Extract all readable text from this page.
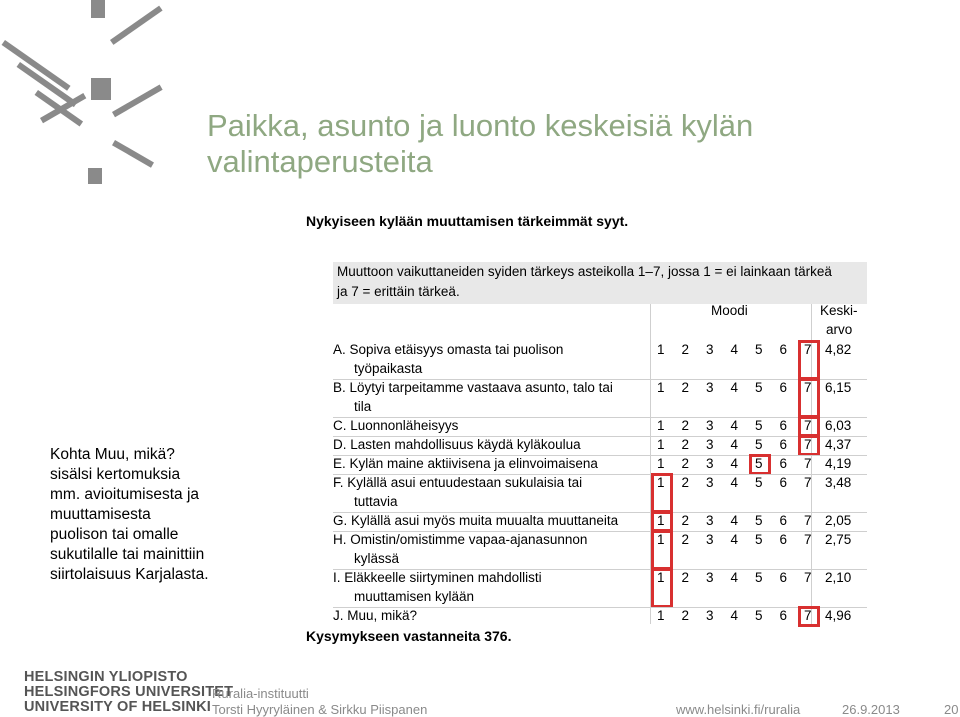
Paikka, asunto ja luonto keskeisiä kylän valintaperusteita
Nykyiseen kylään muuttamisen tärkeimmät syyt.
Kohta Muu, mikä?
sisälsi kertomuksia
mm. avioitumisesta ja
muuttamisesta
puolison tai omalle
sukutilalle tai mainittiin
siirtolaisuus Karjalasta.
Muuttoon vaikuttaneiden syiden tärkeys asteikolla 1–7, jossa 1 = ei lainkaan tärkeä
ja 7 = erittäin tärkeä.
Moodi	Keski-
arvo
A. Sopiva etäisyys omasta tai puolison
työpaikasta
1	2	3	4	5	6	7 4,82
B. Löytyi tarpeitamme vastaava asunto, talo tai
tila
1	2	3	4	5	6	7 6,15
C. Luonnonläheisyys	1	2	3	4	5	6	7 6,03
D. Lasten mahdollisuus käydä kyläkoulua	1	2	3	4	5	6	7 4,37
E. Kylän maine aktiivisena ja elinvoimaisena	1	2	3	4	5	6	7 4,19
F. Kylällä asui entuudestaan sukulaisia tai
tuttavia
1	2	3	4	5	6	7 3,48
G. Kylällä asui myös muita muualta muuttaneita	1	2	3	4	5	6	7 2,05
H. Omistin/omistimme vapaa-ajanasunnon
kylässä
1	2	3	4	5	6	7 2,75
I. Eläkkeelle siirtyminen mahdollisti
muuttamisen kylään
1	2	3	4	5	6	7 2,10
J. Muu, mikä?	1	2	3	4	5	6	7 4,96
Kysymykseen vastanneita 376.
HELSINGIN YLIOPISTO
HELSINGFORS UNIVERSITET
UNIVERSITY OF HELSINKI
Ruralia-instituutti
Torsti Hyyryläinen & Sirkku Piispanen	www.helsinki.fi/ruralia	26.9.2013	20
